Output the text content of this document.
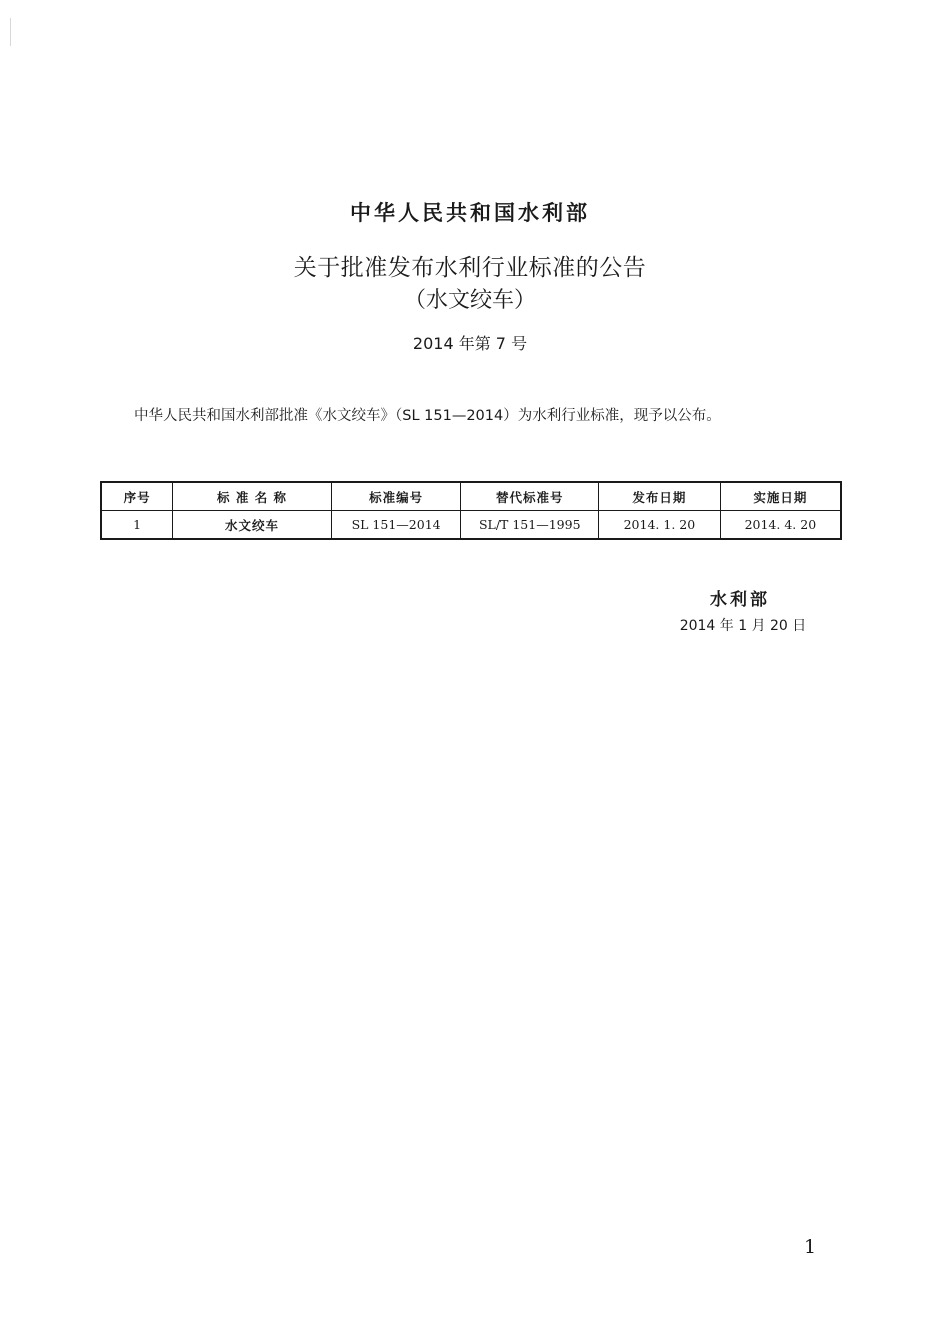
中华人民共和国水利部
关于批准发布水利行业标准的公告
（水文绞车）
2014 年第 7 号
中华人民共和国水利部批准《水文绞车》（SL 151—2014）为水利行业标准，现予以公布。
序号	标 准 名 称	标准编号	替代标准号	发布日期	实施日期
1	水文绞车	SL 151—2014	SL/T 151—1995	2014. 1. 20	2014. 4. 20
水利部
2014 年 1 月 20 日
1
